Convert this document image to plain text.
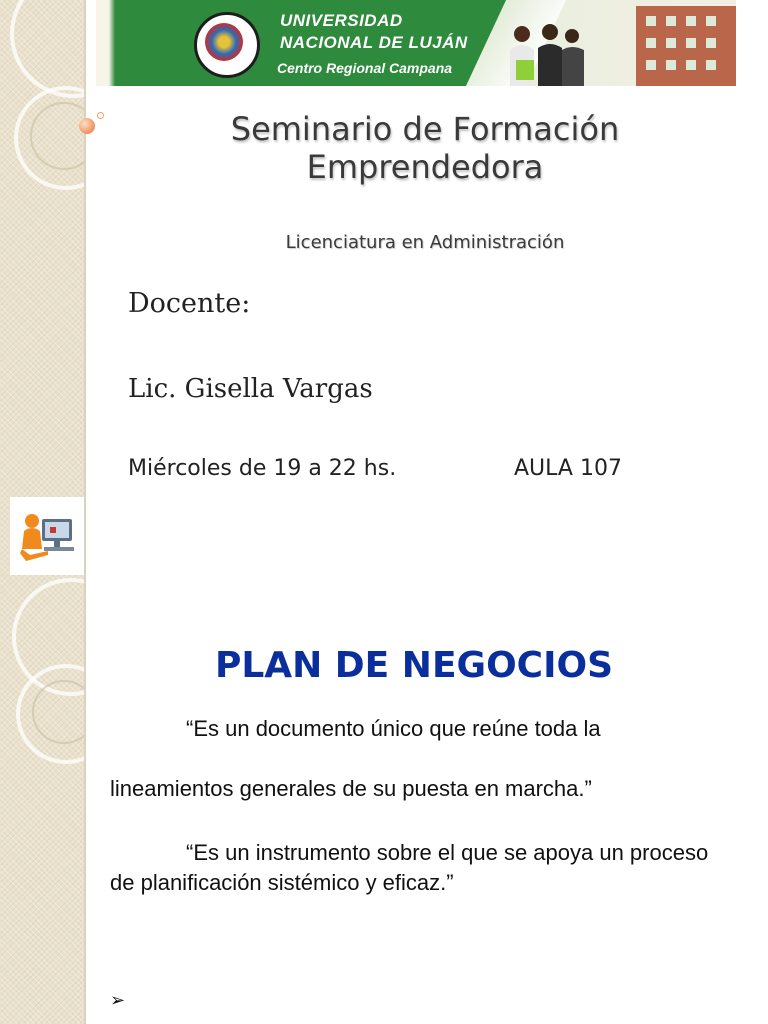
UNIVERSIDAD
NACIONAL DE LUJÁN
Centro Regional Campana
Seminario de Formación
Emprendedora
Licenciatura en Administración
Docente:
Lic. Gisella Vargas
Miércoles de 19 a 22 hs.	AULA 107
PLAN DE NEGOCIOS
“Es un documento único que reúne toda la
lineamientos generales de su puesta en marcha.”
“Es un instrumento sobre el que se apoya un proceso de planificación sistémico y eficaz.”
➢
